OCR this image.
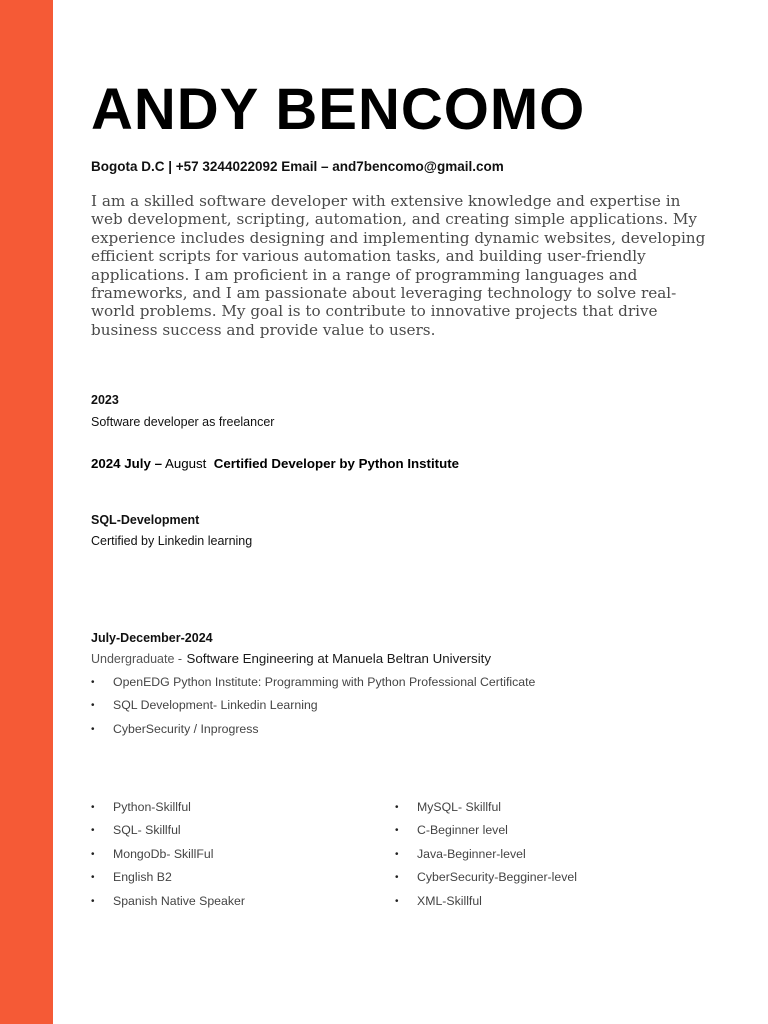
ANDY BENCOMO
Bogota D.C | +57 3244022092 Email – and7bencomo@gmail.com

I am a skilled software developer with extensive knowledge and expertise in web development, scripting, automation, and creating simple applications. My experience includes designing and implementing dynamic websites, developing efficient scripts for various automation tasks, and building user-friendly applications. I am proficient in a range of programming languages and frameworks, and I am passionate about leveraging technology to solve real-world problems. My goal is to contribute to innovative projects that drive business success and provide value to users.

2023
Software developer as freelancer
2024 July – August Certified Developer by Python Institute
SQL-Development
Certified by Linkedin learning
July-December-2024
Undergraduate - Software Engineering at Manuela Beltran University
• OpenEDG Python Institute: Programming with Python Professional Certificate
• SQL Development- Linkedin Learning
• CyberSecurity / Inprogress
• Python-Skillful
• SQL- Skillful
• MongoDb- SkillFul
• English B2
• Spanish Native Speaker
• MySQL- Skillful
• C-Beginner level
• Java-Beginner-level
• CyberSecurity-Begginer-level
• XML-Skillful
